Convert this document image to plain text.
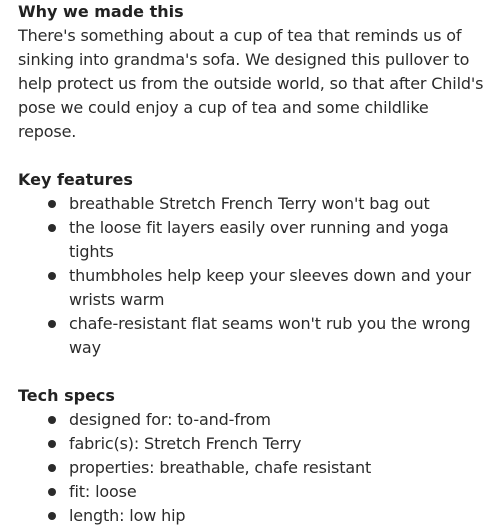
Why we made this

There's something about a cup of tea that reminds us of sinking into grandma's sofa. We designed this pullover to help protect us from the outside world, so that after Child's pose we could enjoy a cup of tea and some childlike repose.

Key features
breathable Stretch French Terry won't bag out
the loose fit layers easily over running and yoga tights
thumbholes help keep your sleeves down and your wrists warm
chafe-resistant flat seams won't rub you the wrong way
Tech specs
designed for: to-and-from
fabric(s): Stretch French Terry
properties: breathable, chafe resistant
fit: loose
length: low hip
